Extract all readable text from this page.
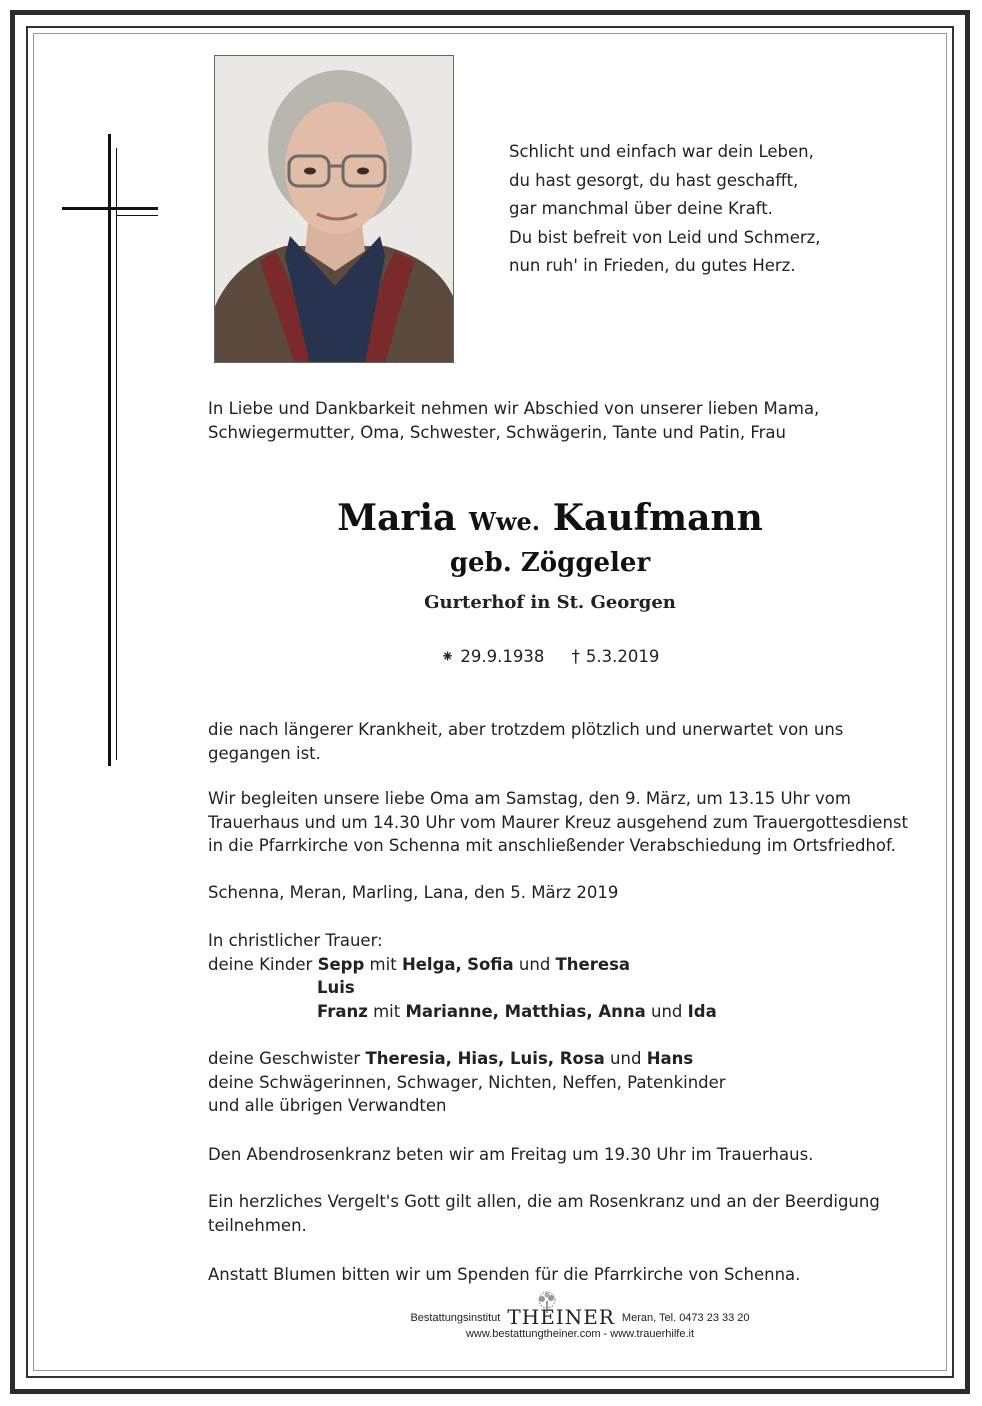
Schlicht und einfach war dein Leben,
du hast gesorgt, du hast geschafft,
gar manchmal über deine Kraft.
Du bist befreit von Leid und Schmerz,
nun ruh' in Frieden, du gutes Herz.
In Liebe und Dankbarkeit nehmen wir Abschied von unserer lieben Mama,
Schwiegermutter, Oma, Schwester, Schwägerin, Tante und Patin, Frau
Maria Wwe. Kaufmann
geb. Zöggeler
Gurterhof in St. Georgen
⁕ 29.9.1938 † 5.3.2019
die nach längerer Krankheit, aber trotzdem plötzlich und unerwartet von uns
gegangen ist.
Wir begleiten unsere liebe Oma am Samstag, den 9. März, um 13.15 Uhr vom
Trauerhaus und um 14.30 Uhr vom Maurer Kreuz ausgehend zum Trauergottesdienst
in die Pfarrkirche von Schenna mit anschließender Verabschiedung im Ortsfriedhof.
Schenna, Meran, Marling, Lana, den 5. März 2019
In christlicher Trauer:
deine Kinder Sepp mit Helga, Sofia und Theresa
Luis
Franz mit Marianne, Matthias, Anna und Ida
deine Geschwister Theresia, Hias, Luis, Rosa und Hans
deine Schwägerinnen, Schwager, Nichten, Neffen, Patenkinder
und alle übrigen Verwandten
Den Abendrosenkranz beten wir am Freitag um 19.30 Uhr im Trauerhaus.
Ein herzliches Vergelt's Gott gilt allen, die am Rosenkranz und an der Beerdigung
teilnehmen.
Anstatt Blumen bitten wir um Spenden für die Pfarrkirche von Schenna.
Bestattungsinstitut THEINER Meran, Tel. 0473 23 33 20
www.bestattungtheiner.com - www.trauerhilfe.it
